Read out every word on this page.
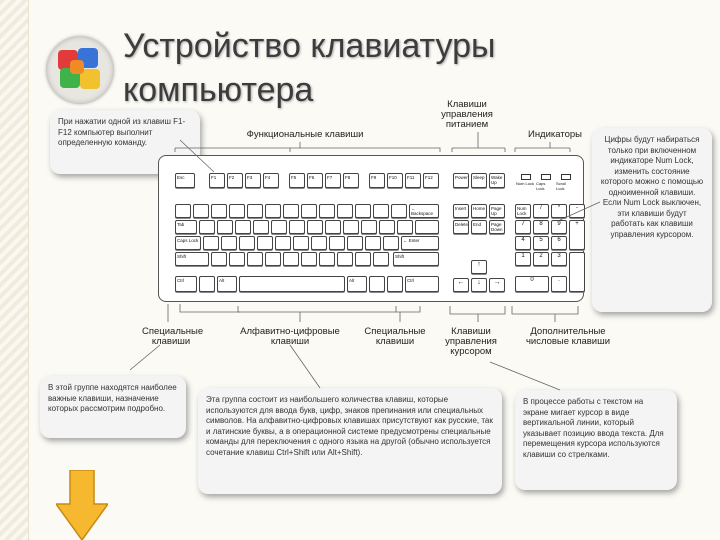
Устройство клавиатуры компьютера
При нажатии одной из клавиш F1-F12 компьютер выполнит определенную команду.	Цифры будут набираться только при включенном индикаторе Num Lock, изменить состояние которого можно с помощью одноименной клавиши. Если Num Lock выключен, эти клавиши будут работать как клавиши управления курсором.
Функциональные клавиши
Клавиши управления питанием
Индикаторы
Специальные клавиши
Алфавитно-цифровые клавиши
Специальные клавиши
Клавиши управления курсором
Дополнительные числовые клавиши
Esc	F1	F2	F3	F4	F5	F6	F7	F8	F9	F10	F11	F12	Power	Sleep	Wake Up	Num Lock Caps Lock
Scroll Lock
← Backspace
Tab
Caps Lock	← Enter
Shift	Shift
Ctrl	Alt	Alt	Ctrl
Insert	Home	Page Up
Delete	End	Page Down
↑
←	↓	→
Num Lock
/	*	-
7	8	9	+
4	5	6
1	2	3
0	.
В этой группе находятся наиболее важные клавиши, назначение которых рассмотрим подробно.
Эта группа состоит из наибольшего количества клавиш, которые используются для ввода букв, цифр, знаков препинания или специальных символов. На алфавитно-цифровых клавишах присутствуют как русские, так и латинские буквы, а в операционной системе предусмотрены специальные команды для переключения с одного языка на другой (обычно используется сочетание клавиш Ctrl+Shift или Alt+Shift).
В процессе работы с текстом на экране мигает курсор в виде вертикальной линии, который указывает позицию ввода текста. Для перемещения курсора используются клавиши со стрелками.
